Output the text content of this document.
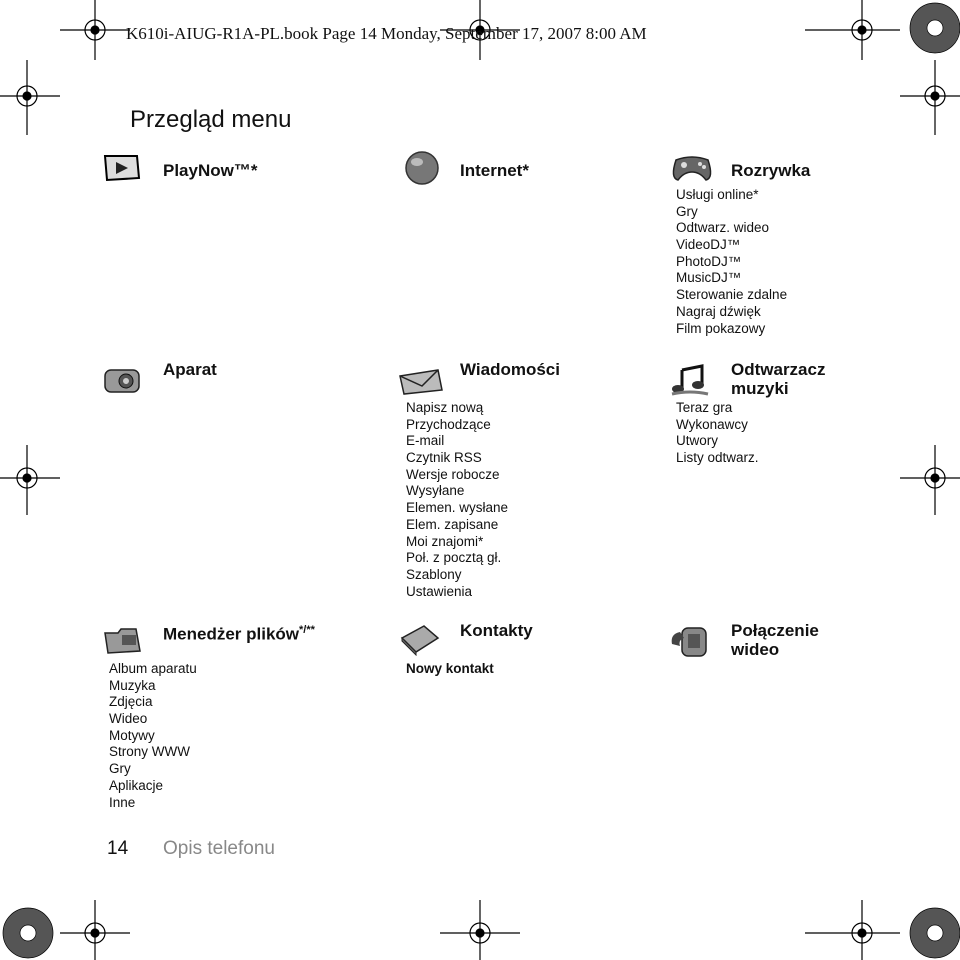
K610i-AIUG-R1A-PL.book Page 14 Monday, September 17, 2007 8:00 AM
Przegląd menu
PlayNow™*	Internet*	Rozrywka
Usługi online*
Gry
Odtwarz. wideo
VideoDJ™
PhotoDJ™
MusicDJ™
Sterowanie zdalne
Nagraj dźwięk
Film pokazowy
Aparat	Wiadomości
Napisz nową
Przychodzące
E-mail
Czytnik RSS
Wersje robocze
Wysyłane
Elemen. wysłane
Elem. zapisane
Moi znajomi*
Poł. z pocztą gł.
Szablony
Ustawienia
Odtwarzacz
muzyki
Teraz gra
Wykonawcy
Utwory
Listy odtwarz.
Menedżer plików*/**
Album aparatu
Muzyka
Zdjęcia
Wideo
Motywy
Strony WWW
Gry
Aplikacje
Inne
Kontakty
Nowy kontakt
Połączenie
wideo
14 Opis telefonu
